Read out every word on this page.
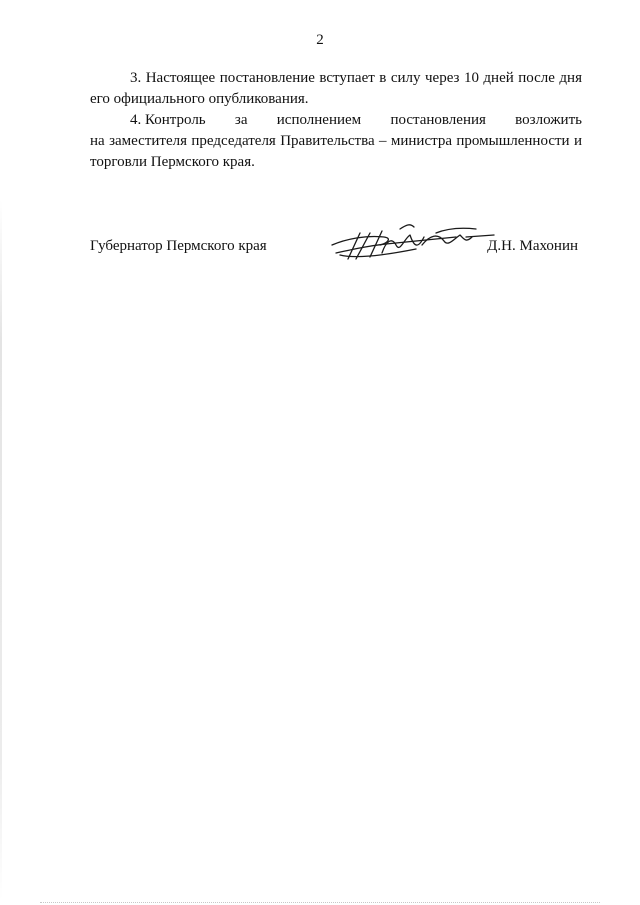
2
3. Настоящее постановление вступает в силу через 10 дней после дня его официального опубликования.
4. Контроль за исполнением постановления возложить
на заместителя председателя Правительства – министра промышленности и торговли Пермского края.
Губернатор Пермского края	Д.Н. Махонин
